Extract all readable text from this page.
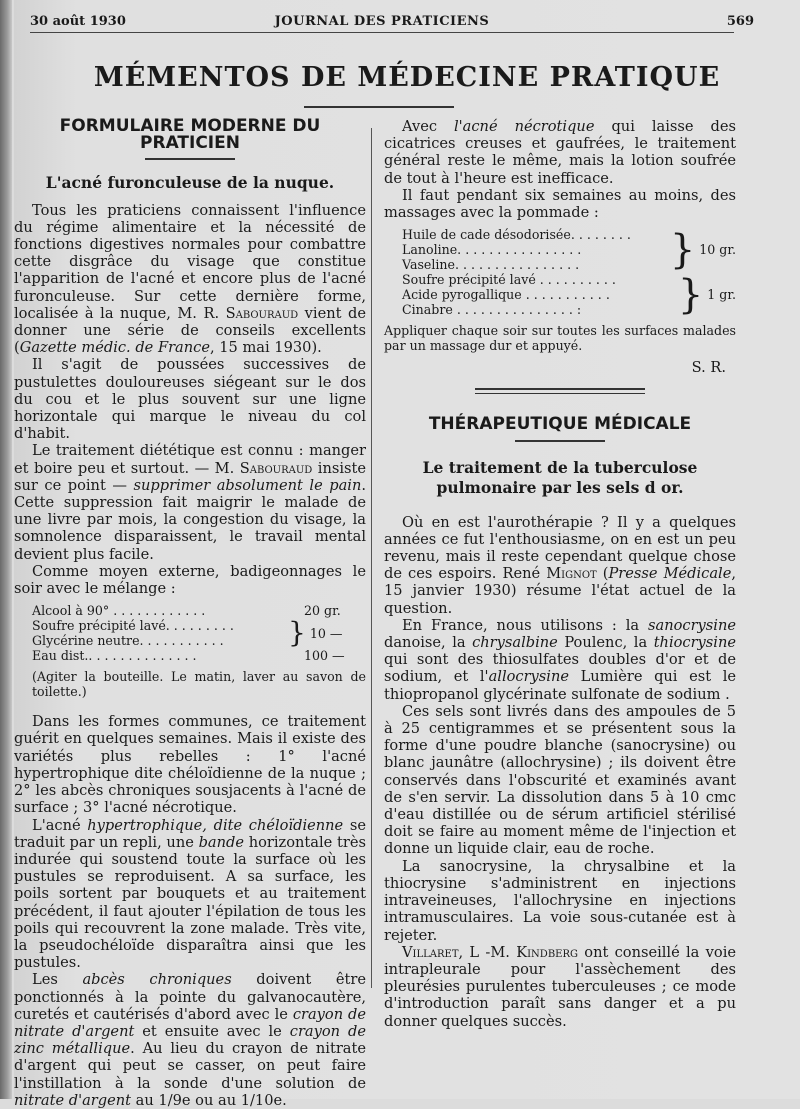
30 août 1930	JOURNAL DES PRATICIENS	569
MÉMENTOS DE MÉDECINE PRATIQUE
FORMULAIRE MODERNE DU PRATICIEN
L'acné furonculeuse de la nuque.

Tous les praticiens connaissent l'influence du régime alimentaire et la nécessité de fonctions digestives normales pour combattre cette disgrâce du visage que constitue l'apparition de l'acné et encore plus de l'acné furonculeuse. Sur cette dernière forme, localisée à la nuque, M. R. Sabouraud vient de donner une série de conseils excellents (Gazette médic. de France, 15 mai 1930).

Il s'agit de poussées successives de pustulettes douloureuses siégeant sur le dos du cou et le plus souvent sur une ligne horizontale qui marque le niveau du col d'habit.

Le traitement diététique est connu : manger et boire peu et surtout. — M. Sabouraud insiste sur ce point — supprimer absolument le pain. Cette suppression fait maigrir le malade de une livre par mois, la congestion du visage, la somnolence disparaissent, le travail mental devient plus facile.

Comme moyen externe, badigeonnages le soir avec le mélange :

Alcool à 90° . . . . . . . . . . . .	20 gr.
Soufre précipité lavé. . . . . . . . .
Glycérine neutre. . . . . . . . . . .	} 10 —
Eau dist.. . . . . . . . . . . . . .	100 —
(Agiter la bouteille. Le matin, laver au savon de toilette.)

Dans les formes communes, ce traitement guérit en quelques semaines. Mais il existe des variétés plus rebelles : 1° l'acné hypertrophique dite chéloïdienne de la nuque ; 2° les abcès chroniques sousjacents à l'acné de surface ; 3° l'acné nécrotique.

L'acné hypertrophique, dite chéloïdienne se traduit par un repli, une bande horizontale très indurée qui soustend toute la surface où les pustules se reproduisent. A sa surface, les poils sortent par bouquets et au traitement précédent, il faut ajouter l'épilation de tous les poils qui recouvrent la zone malade. Très vite, la pseudochéloïde disparaîtra ainsi que les pustules.

Les abcès chroniques doivent être ponctionnés à la pointe du galvanocautère, curetés et cautérisés d'abord avec le crayon de nitrate d'argent et ensuite avec le crayon de zinc métallique. Au lieu du crayon de nitrate d'argent qui peut se casser, on peut faire l'instillation à la sonde d'une solution de nitrate d'argent au 1/9e ou au 1/10e.

Avec l'acné nécrotique qui laisse des cicatrices creuses et gaufrées, le traitement général reste le même, mais la lotion soufrée de tout à l'heure est inefficace.

Il faut pendant six semaines au moins, des massages avec la pommade :

Huile de cade désodorisée. . . . . . . .
Lanoline. . . . . . . . . . . . . . . .
Vaseline. . . . . . . . . . . . . . . .	} 10 gr.
Soufre précipité lavé . . . . . . . . . .
Acide pyrogallique . . . . . . . . . . .
Cinabre . . . . . . . . . . . . . . . :	} 1 gr.
Appliquer chaque soir sur toutes les surfaces malades par un massage dur et appuyé.
S. R.
THÉRAPEUTIQUE MÉDICALE
Le traitement de la tuberculose pulmonaire par les sels d or.

Où en est l'aurothérapie ? Il y a quelques années ce fut l'enthousiasme, on en est un peu revenu, mais il reste cependant quelque chose de ces espoirs. René Mignot (Presse Médicale, 15 janvier 1930) résume l'état actuel de la question.

En France, nous utilisons : la sanocrysine danoise, la chrysalbine Poulenc, la thiocrysine qui sont des thiosulfates doubles d'or et de sodium, et l'allocrysine Lumière qui est le thiopropanol glycérinate sulfonate de sodium .

Ces sels sont livrés dans des ampoules de 5 à 25 centigrammes et se présentent sous la forme d'une poudre blanche (sanocrysine) ou blanc jaunâtre (allochrysine) ; ils doivent être conservés dans l'obscurité et examinés avant de s'en servir. La dissolution dans 5 à 10 cmc d'eau distillée ou de sérum artificiel stérilisé doit se faire au moment même de l'injection et donne un liquide clair, eau de roche.

La sanocrysine, la chrysalbine et la thiocrysine s'administrent en injections intraveineuses, l'allochrysine en injections intramusculaires. La voie sous-cutanée est à rejeter.

Villaret, L -M. Kindberg ont conseillé la voie intrapleurale pour l'assèchement des pleurésies purulentes tuberculeuses ; ce mode d'introduction paraît sans danger et a pu donner quelques succès.
